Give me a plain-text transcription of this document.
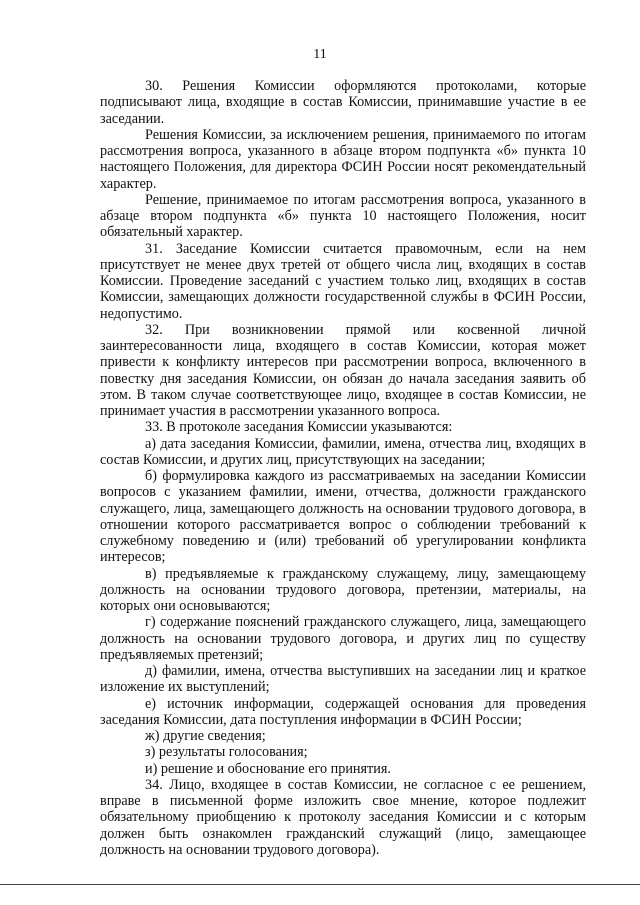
11

30. Решения Комиссии оформляются протоколами, которые подписывают лица, входящие в состав Комиссии, принимавшие участие в ее заседании.

Решения Комиссии, за исключением решения, принимаемого по итогам рассмотрения вопроса, указанного в абзаце втором подпункта «б» пункта 10 настоящего Положения, для директора ФСИН России носят рекомендательный характер.

Решение, принимаемое по итогам рассмотрения вопроса, указанного в абзаце втором подпункта «б» пункта 10 настоящего Положения, носит обязательный характер.

31. Заседание Комиссии считается правомочным, если на нем присутствует не менее двух третей от общего числа лиц, входящих в состав Комиссии. Проведение заседаний с участием только лиц, входящих в состав Комиссии, замещающих должности государственной службы в ФСИН России, недопустимо.

32. При возникновении прямой или косвенной личной заинтересованности лица, входящего в состав Комиссии, которая может привести к конфликту интересов при рассмотрении вопроса, включенного в повестку дня заседания Комиссии, он обязан до начала заседания заявить об этом. В таком случае соответствующее лицо, входящее в состав Комиссии, не принимает участия в рассмотрении указанного вопроса.

33. В протоколе заседания Комиссии указываются:

а) дата заседания Комиссии, фамилии, имена, отчества лиц, входящих в состав Комиссии, и других лиц, присутствующих на заседании;

б) формулировка каждого из рассматриваемых на заседании Комиссии вопросов с указанием фамилии, имени, отчества, должности гражданского служащего, лица, замещающего должность на основании трудового договора, в отношении которого рассматривается вопрос о соблюдении требований к служебному поведению и (или) требований об урегулировании конфликта интересов;

в) предъявляемые к гражданскому служащему, лицу, замещающему должность на основании трудового договора, претензии, материалы, на которых они основываются;

г) содержание пояснений гражданского служащего, лица, замещающего должность на основании трудового договора, и других лиц по существу предъявляемых претензий;

д) фамилии, имена, отчества выступивших на заседании лиц и краткое изложение их выступлений;

е) источник информации, содержащей основания для проведения заседания Комиссии, дата поступления информации в ФСИН России;

ж) другие сведения;

з) результаты голосования;

и) решение и обоснование его принятия.

34. Лицо, входящее в состав Комиссии, не согласное с ее решением, вправе в письменной форме изложить свое мнение, которое подлежит обязательному приобщению к протоколу заседания Комиссии и с которым должен быть ознакомлен гражданский служащий (лицо, замещающее должность на основании трудового договора).
